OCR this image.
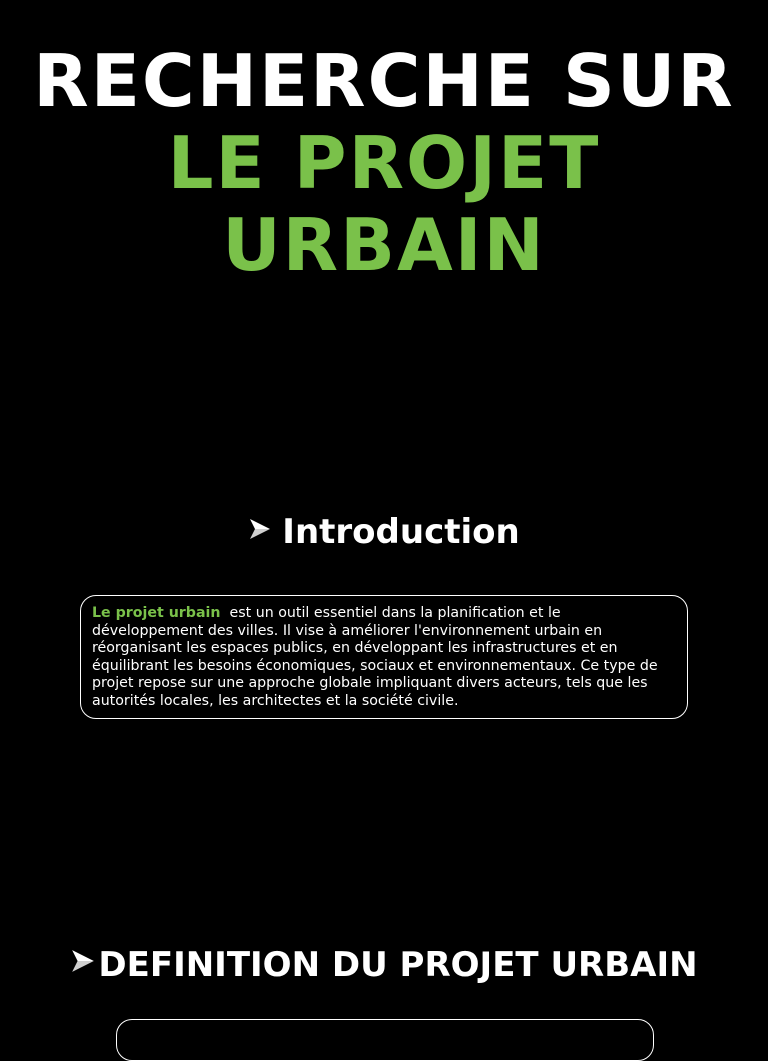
RECHERCHE SUR
LE PROJET
URBAIN
Introduction
Le projet urbain  est un outil essentiel dans la planification et le développement des villes. Il vise à améliorer l'environnement urbain en réorganisant les espaces publics, en développant les infrastructures et en équilibrant les besoins économiques, sociaux et environnementaux. Ce type de projet repose sur une approche globale impliquant divers acteurs, tels que les autorités locales, les architectes et la société civile.
DEFINITION DU PROJET URBAIN
